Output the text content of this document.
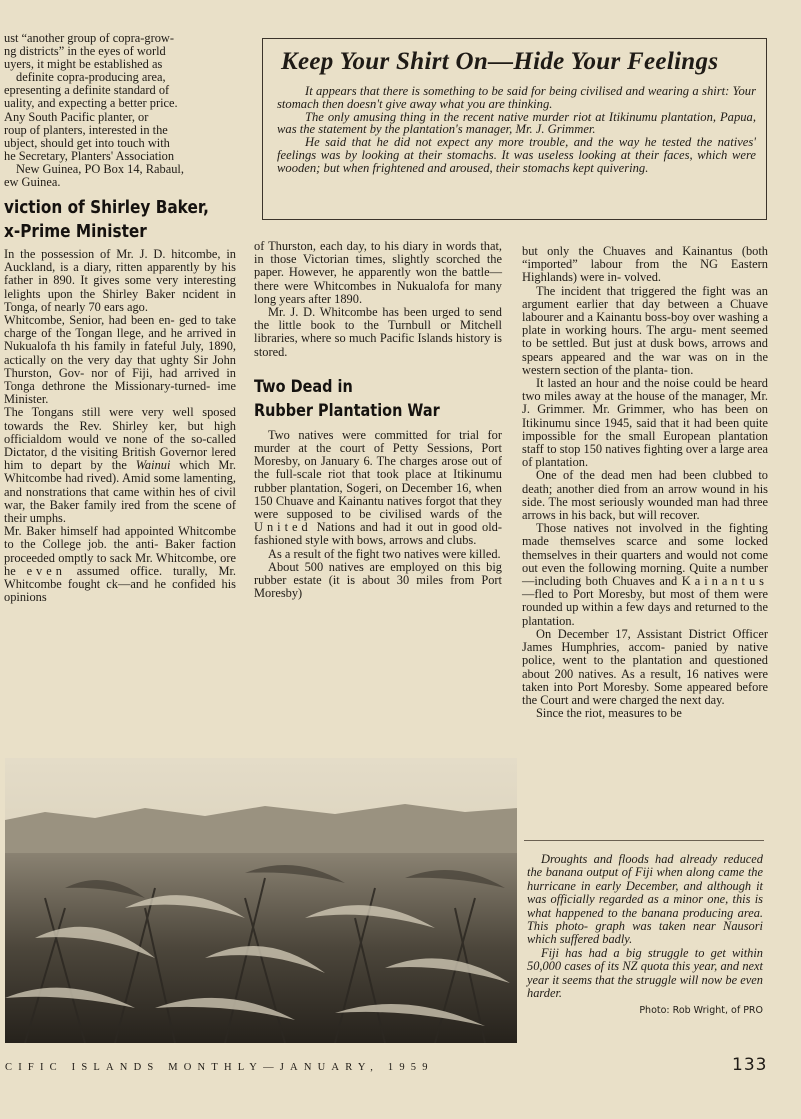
ust “another group of copra-grow-
ng districts” in the eyes of world
uyers, it might be established as
definite copra-producing area,
epresenting a definite standard of
uality, and expecting a better price.
Any South Pacific planter, or
roup of planters, interested in the
ubject, should get into touch with
he Secretary, Planters' Association
New Guinea, PO Box 14, Rabaul,
ew Guinea.
viction of Shirley Baker,
x-Prime Minister

In the possession of Mr. J. D. hitcombe, in Auckland, is a diary, ritten apparently by his father in 890. It gives some very interesting lelights upon the Shirley Baker ncident in Tonga, of nearly 70 ears ago.

Whitcombe, Senior, had been en- ged to take charge of the Tongan llege, and he arrived in Nukualofa th his family in fateful July, 1890, actically on the very day that ughty Sir John Thurston, Gov- nor of Fiji, had arrived in Tonga dethrone the Missionary-turned- ime Minister.

The Tongans still were very well sposed towards the Rev. Shirley ker, but high officialdom would ve none of the so-called Dictator, d the visiting British Governor lered him to depart by the Wainui which Mr. Whitcombe had rived). Amid some lamenting, and nonstrations that came within hes of civil war, the Baker family ired from the scene of their umphs.

Mr. Baker himself had appointed Whitcombe to the College job. the anti- Baker faction proceeded omptly to sack Mr. Whitcombe, ore he even assumed office. turally, Mr. Whitcombe fought ck—and he confided his opinions

Keep Your Shirt On—Hide Your Feelings

It appears that there is something to be said for being civilised and wearing a shirt: Your stomach then doesn't give away what you are thinking.

The only amusing thing in the recent native murder riot at Itikinumu plantation, Papua, was the statement by the plantation's manager, Mr. J. Grimmer.

He said that he did not expect any more trouble, and the way he tested the natives' feelings was by looking at their stomachs. It was useless looking at their faces, which were wooden; but when frightened and aroused, their stomachs kept quivering.

of Thurston, each day, to his diary in words that, in those Victorian times, slightly scorched the paper. However, he apparently won the battle—there were Whitcombes in Nukualofa for many long years after 1890.

Mr. J. D. Whitcombe has been urged to send the little book to the Turnbull or Mitchell libraries, where so much Pacific Islands history is stored.

Two Dead in
Rubber Plantation War

Two natives were committed for trial for murder at the court of Petty Sessions, Port Moresby, on January 6. The charges arose out of the full-scale riot that took place at Itikinumu rubber plantation, Sogeri, on December 16, when 150 Chuave and Kainantu natives forgot that they were supposed to be civilised wards of the United Nations and had it out in good old-fashioned style with bows, arrows and clubs.

As a result of the fight two natives were killed.

About 500 natives are employed on this big rubber estate (it is about 30 miles from Port Moresby)

but only the Chuaves and Kainantus (both “imported” labour from the NG Eastern Highlands) were in- volved.

The incident that triggered the fight was an argument earlier that day between a Chuave labourer and a Kainantu boss-boy over washing a plate in working hours. The argu- ment seemed to be settled. But just at dusk bows, arrows and spears appeared and the war was on in the western section of the planta- tion.

It lasted an hour and the noise could be heard two miles away at the house of the manager, Mr. J. Grimmer. Mr. Grimmer, who has been on Itikinumu since 1945, said that it had been quite impossible for the small European plantation staff to stop 150 natives fighting over a large area of plantation.

One of the dead men had been clubbed to death; another died from an arrow wound in his side. The most seriously wounded man had three arrows in his back, but will recover.

Those natives not involved in the fighting made themselves scarce and some locked themselves in their quarters and would not come out even the following morning. Quite a number—including both Chuaves and Kainantus—fled to Port Moresby, but most of them were rounded up within a few days and returned to the plantation.

On December 17, Assistant District Officer James Humphries, accom- panied by native police, went to the plantation and questioned about 200 natives. As a result, 16 natives were taken into Port Moresby. Some appeared before the Court and were charged the next day.

Since the riot, measures to be

Droughts and floods had already reduced the banana output of Fiji when along came the hurricane in early December, and although it was officially regarded as a minor one, this is what happened to the banana producing area. This photo- graph was taken near Nausori which suffered badly.

Fiji has had a big struggle to get within 50,000 cases of its NZ quota this year, and next year it seems that the struggle will now be even harder.

Photo: Rob Wright, of PRO
CIFIC ISLANDS MONTHLY—JANUARY, 1959	133
